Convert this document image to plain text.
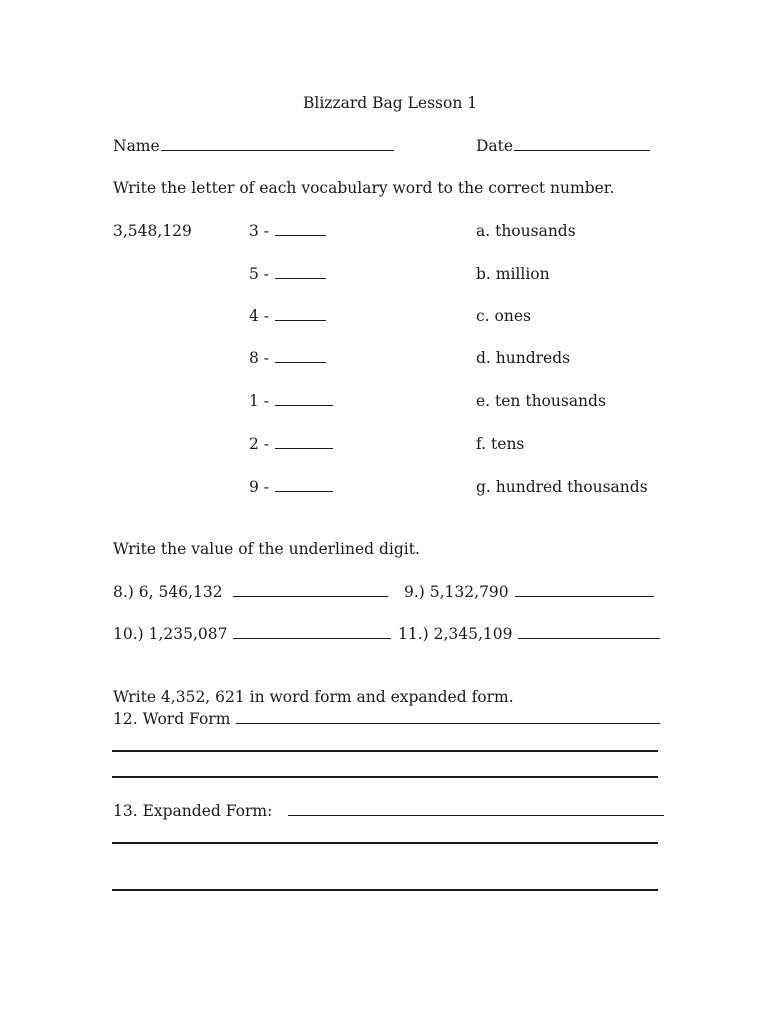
Blizzard Bag Lesson 1
Name	Date
Write the letter of each vocabulary word to the correct number.
3,548,129	3 -	a. thousands
5 -	b. million
4 -	c. ones
8 -	d. hundreds
1 -	e. ten thousands
2 -	f. tens
9 -	g. hundred thousands
Write the value of the underlined digit.
8.) 6, 546,132	9.) 5,132,790
10.) 1,235,087	11.) 2,345,109
Write 4,352, 621 in word form and expanded form.
12. Word Form
13. Expanded Form:
